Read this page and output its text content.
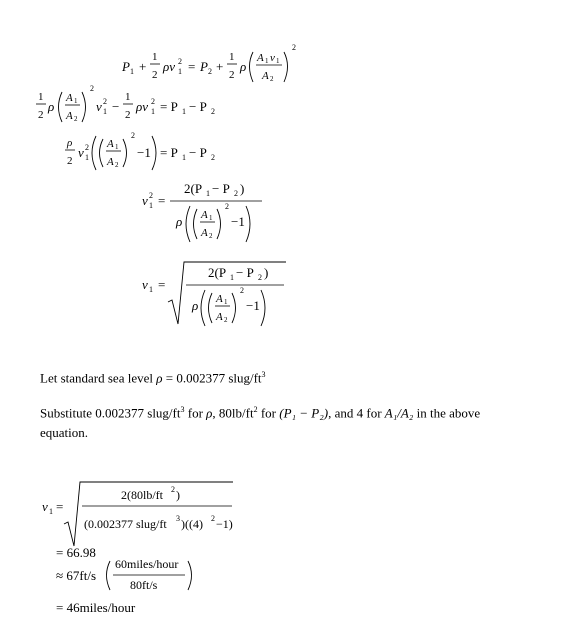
P 1 +
1
2
ρv 1
2 = P 2 +
1
2
ρ
A 1 v 1
A 2
2
1
2
ρ
A 1
A 2
2
v 1
2 −
1
2
ρv 1
2 = P 1 − P 2
ρ
2
v 1
2 A 1
A 2
2
−1 = P 1 − P 2
v 1
2 =
2(P 1 − P 2 )
ρ A 1
A 2
2
−1
v 1 =
2(P 1 − P 2 )
ρ A 1
A 2
2
−1
v 1 =
2(80lb/ft 2 )
(0.002377 slug/ft 3 )((4) 2 −1)
Let standard sea level ρ = 0.002377 slug/$ft^3$
Substitute 0.002377 slug/$ft^3$ for ρ, $80lb/ft^2$ for (P₁ − P₂), and 4 for A₁/A₂ in the above
equation.
= 66.98
≈ 67ft/s
60miles/hour
80ft/s
= 46miles/hour
